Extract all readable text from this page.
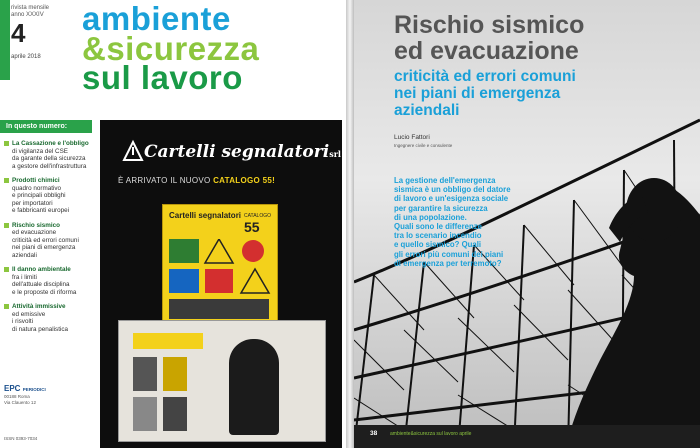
rivista mensile
anno XXXIV
4
aprile 2018
ambiente
&sicurezza
sul lavoro
In questo numero:
La Cassazione e l'obbligo
di vigilanza del CSE
da garante della sicurezza
a gestore dell'infrastruttura
Prodotti chimici
quadro normativo
e principali obblighi
per importatori
e fabbricanti europei
Rischio sismico
ed evacuazione
criticità ed errori comuni
nei piani di emergenza
aziendali
Il danno ambientale
fra i limiti
dell'attuale disciplina
e le proposte di riforma
Attività immissive
ed emissive
i risvolti
di natura penalistica
EPC PERIODICI
00188 Roma
Via Clauento 12
ISSN 0393-7034
Cartelli segnalatorisrl
È ARRIVATO IL NUOVO CATALOGO 55!
Cartelli segnalatori CATALOGO
55
Rischio sismico
ed evacuazione
criticità ed errori comuni
nei piani di emergenza
aziendali
Lucio Fattori
Ingegnere civile e consulente
La gestione dell'emergenza
sismica è un obbligo del datore
di lavoro e un'esigenza sociale
per garantire la sicurezza
di una popolazione.
Quali sono le differenze
tra lo scenario incendio
e quello sismico? Quali
gli errori più comuni dei piani
di emergenza per terremoto?
38	ambiente&sicurezza sul lavoro aprile
